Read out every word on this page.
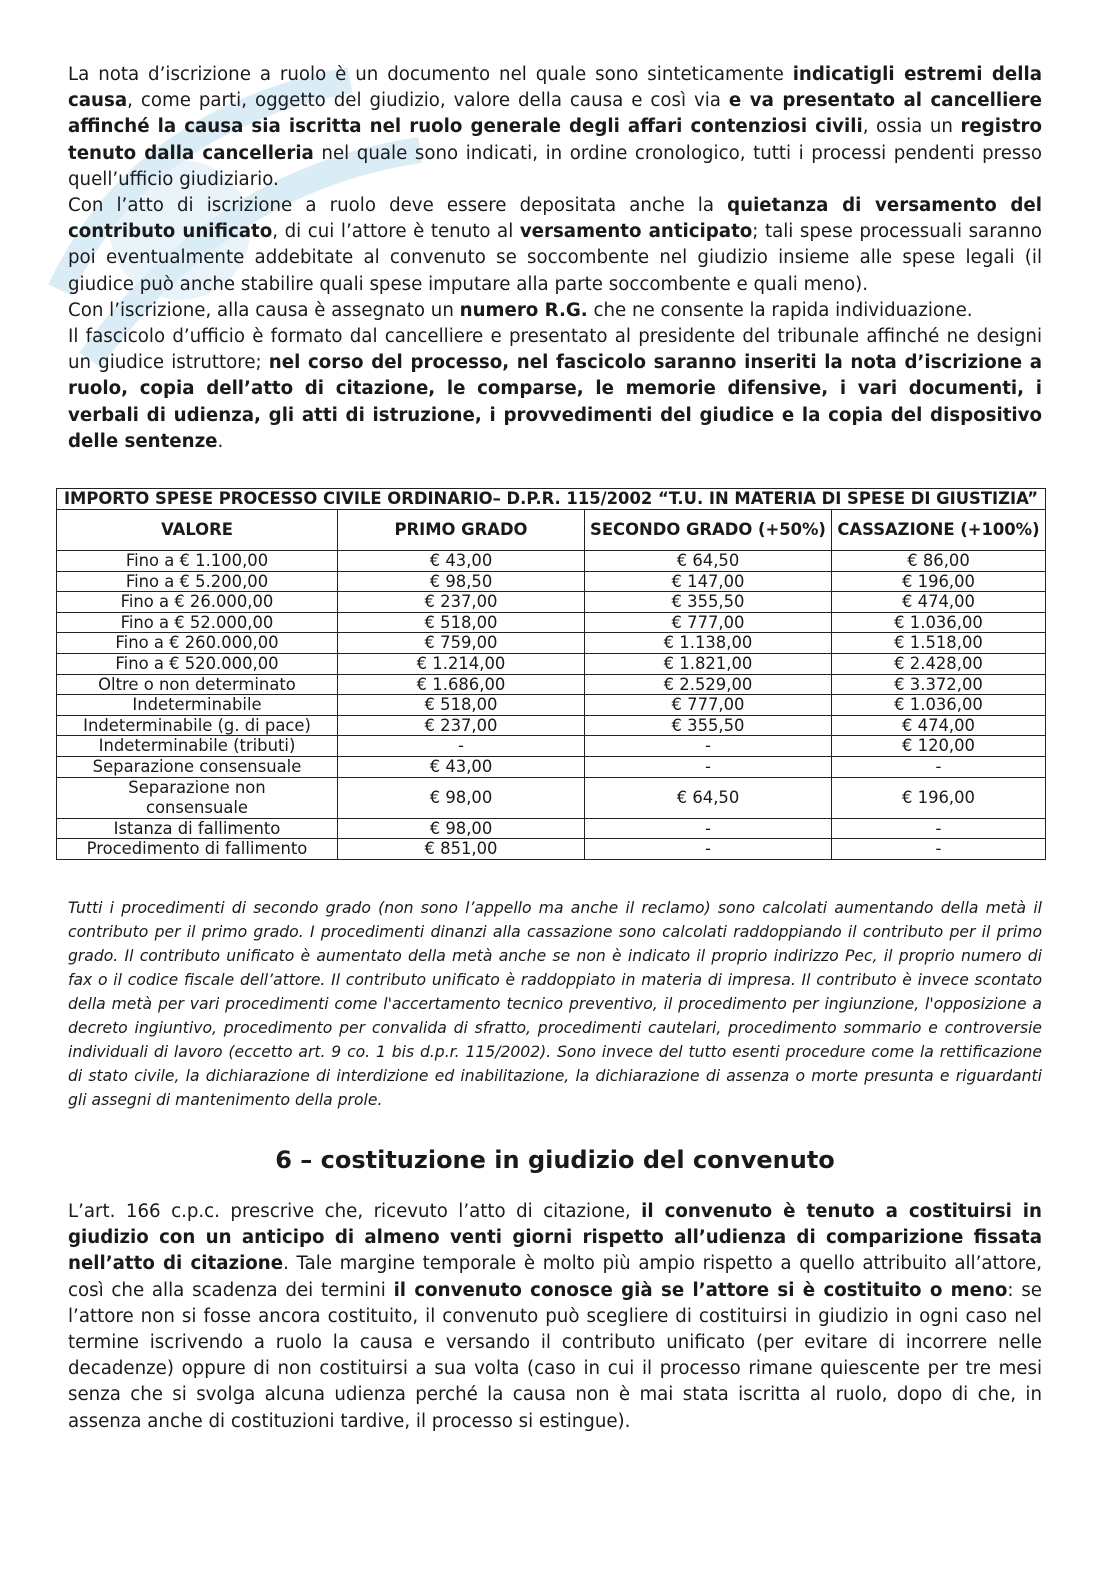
La nota d’iscrizione a ruolo è un documento nel quale sono sinteticamente indicatigli estremi della causa, come parti, oggetto del giudizio, valore della causa e così via e va presentato al cancelliere affinché la causa sia iscritta nel ruolo generale degli affari contenziosi civili, ossia un registro tenuto dalla cancelleria nel quale sono indicati, in ordine cronologico, tutti i processi pendenti presso quell’ufficio giudiziario.

Con l’atto di iscrizione a ruolo deve essere depositata anche la quietanza di versamento del contributo unificato, di cui l’attore è tenuto al versamento anticipato; tali spese processuali saranno poi eventualmente addebitate al convenuto se soccombente nel giudizio insieme alle spese legali (il giudice può anche stabilire quali spese imputare alla parte soccombente e quali meno).

Con l’iscrizione, alla causa è assegnato un numero R.G. che ne consente la rapida individuazione.

Il fascicolo d’ufficio è formato dal cancelliere e presentato al presidente del tribunale affinché ne designi un giudice istruttore; nel corso del processo, nel fascicolo saranno inseriti la nota d’iscrizione a ruolo, copia dell’atto di citazione, le comparse, le memorie difensive, i vari documenti, i verbali di udienza, gli atti di istruzione, i provvedimenti del giudice e la copia del dispositivo delle sentenze.

IMPORTO SPESE PROCESSO CIVILE ORDINARIO– D.P.R. 115/2002 “T.U. IN MATERIA DI SPESE DI GIUSTIZIA”			
VALORE	PRIMO GRADO	SECONDO GRADO (+50%)	CASSAZIONE (+100%)
Fino a € 1.100,00	€ 43,00	€ 64,50	€ 86,00
Fino a € 5.200,00	€ 98,50	€ 147,00	€ 196,00
Fino a € 26.000,00	€ 237,00	€ 355,50	€ 474,00
Fino a € 52.000,00	€ 518,00	€ 777,00	€ 1.036,00
Fino a € 260.000,00	€ 759,00	€ 1.138,00	€ 1.518,00
Fino a € 520.000,00	€ 1.214,00	€ 1.821,00	€ 2.428,00
Oltre o non determinato	€ 1.686,00	€ 2.529,00	€ 3.372,00
Indeterminabile	€ 518,00	€ 777,00	€ 1.036,00
Indeterminabile (g. di pace)	€ 237,00	€ 355,50	€ 474,00
Indeterminabile (tributi)	-	-	€ 120,00
Separazione consensuale	€ 43,00	-	-
Separazione non consensuale	€ 98,00	€ 64,50	€ 196,00
Istanza di fallimento	€ 98,00	-	-
Procedimento di fallimento	€ 851,00	-	-
Tutti i procedimenti di secondo grado (non sono l’appello ma anche il reclamo) sono calcolati aumentando della metà il contributo per il primo grado. I procedimenti dinanzi alla cassazione sono calcolati raddoppiando il contributo per il primo grado. Il contributo unificato è aumentato della metà anche se non è indicato il proprio indirizzo Pec, il proprio numero di fax o il codice fiscale dell’attore. Il contributo unificato è raddoppiato in materia di impresa. Il contributo è invece scontato della metà per vari procedimenti come l'accertamento tecnico preventivo, il procedimento per ingiunzione, l'opposizione a decreto ingiuntivo, procedimento per convalida di sfratto, procedimenti cautelari, procedimento sommario e controversie individuali di lavoro (eccetto art. 9 co. 1 bis d.p.r. 115/2002). Sono invece del tutto esenti procedure come la rettificazione di stato civile, la dichiarazione di interdizione ed inabilitazione, la dichiarazione di assenza o morte presunta e riguardanti gli assegni di mantenimento della prole.
6 – costituzione in giudizio del convenuto

L’art. 166 c.p.c. prescrive che, ricevuto l’atto di citazione, il convenuto è tenuto a costituirsi in giudizio con un anticipo di almeno venti giorni rispetto all’udienza di comparizione fissata nell’atto di citazione. Tale margine temporale è molto più ampio rispetto a quello attribuito all’attore, così che alla scadenza dei termini il convenuto conosce già se l’attore si è costituito o meno: se l’attore non si fosse ancora costituito, il convenuto può scegliere di costituirsi in giudizio in ogni caso nel termine iscrivendo a ruolo la causa e versando il contributo unificato (per evitare di incorrere nelle decadenze) oppure di non costituirsi a sua volta (caso in cui il processo rimane quiescente per tre mesi senza che si svolga alcuna udienza perché la causa non è mai stata iscritta al ruolo, dopo di che, in assenza anche di costituzioni tardive, il processo si estingue).
